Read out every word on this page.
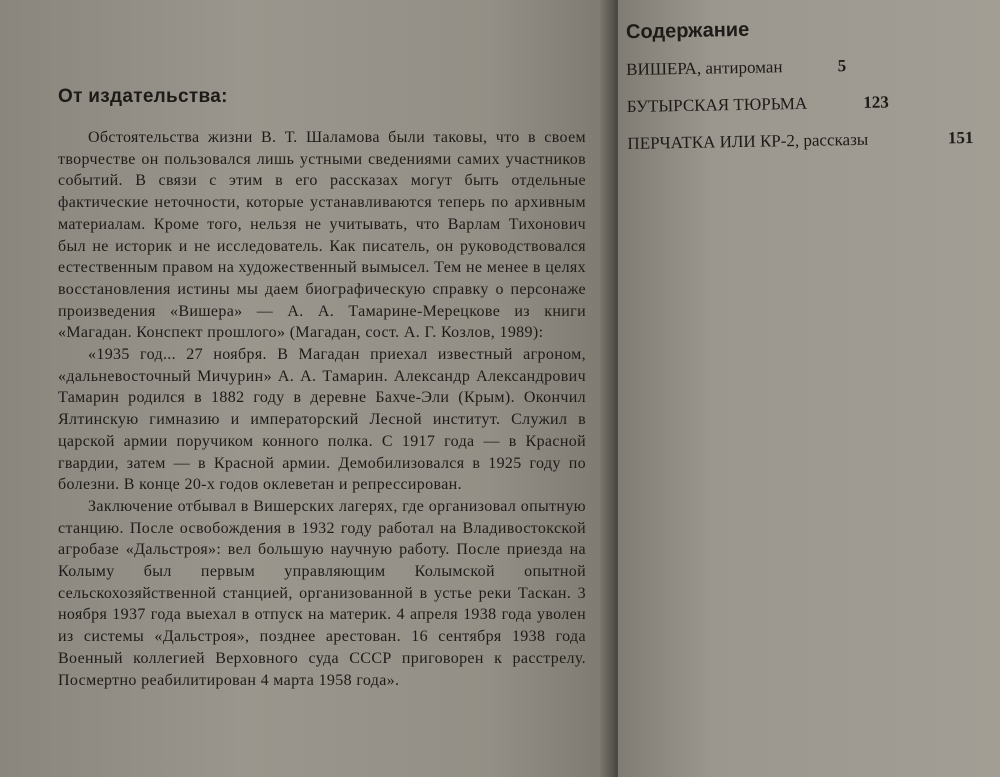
От издательства:

Обстоятельства жизни В. Т. Шаламова были таковы, что в своем творчестве он пользовался лишь устными сведениями самих участников событий. В связи с этим в его рассказах могут быть отдельные фактические неточности, которые устанавливаются теперь по архивным материалам. Кроме того, нельзя не учитывать, что Варлам Тихонович был не историк и не исследователь. Как писатель, он руководствовался естественным правом на художественный вымысел. Тем не менее в целях восстановления истины мы даем биографическую справку о персонаже произведения «Вишера» — А. А. Тамарине-Мерецкове из книги «Магадан. Конспект прошлого» (Магадан, сост. А. Г. Козлов, 1989):

«1935 год... 27 ноября. В Магадан приехал известный агроном, «дальневосточный Мичурин» А. А. Тамарин. Александр Александрович Тамарин родился в 1882 году в деревне Бахче-Эли (Крым). Окончил Ялтинскую гимназию и императорский Лесной институт. Служил в царской армии поручиком конного полка. С 1917 года — в Красной гвардии, затем — в Красной армии. Демобилизовался в 1925 году по болезни. В конце 20-х годов оклеветан и репрессирован.

Заключение отбывал в Вишерских лагерях, где организовал опытную станцию. После освобождения в 1932 году работал на Владивостокской агробазе «Дальстроя»: вел большую научную работу. После приезда на Колыму был первым управляющим Колымской опытной сельскохозяйственной станцией, организованной в устье реки Таскан. 3 ноября 1937 года выехал в отпуск на материк. 4 апреля 1938 года уволен из системы «Дальстроя», позднее арестован. 16 сентября 1938 года Военный коллегией Верховного суда СССР приговорен к расстрелу. Посмертно реабилитирован 4 марта 1958 года».

Содержание
ВИШЕРА, антироман	5
БУТЫРСКАЯ ТЮРЬМА	123
ПЕРЧАТКА ИЛИ КР-2, рассказы	151
